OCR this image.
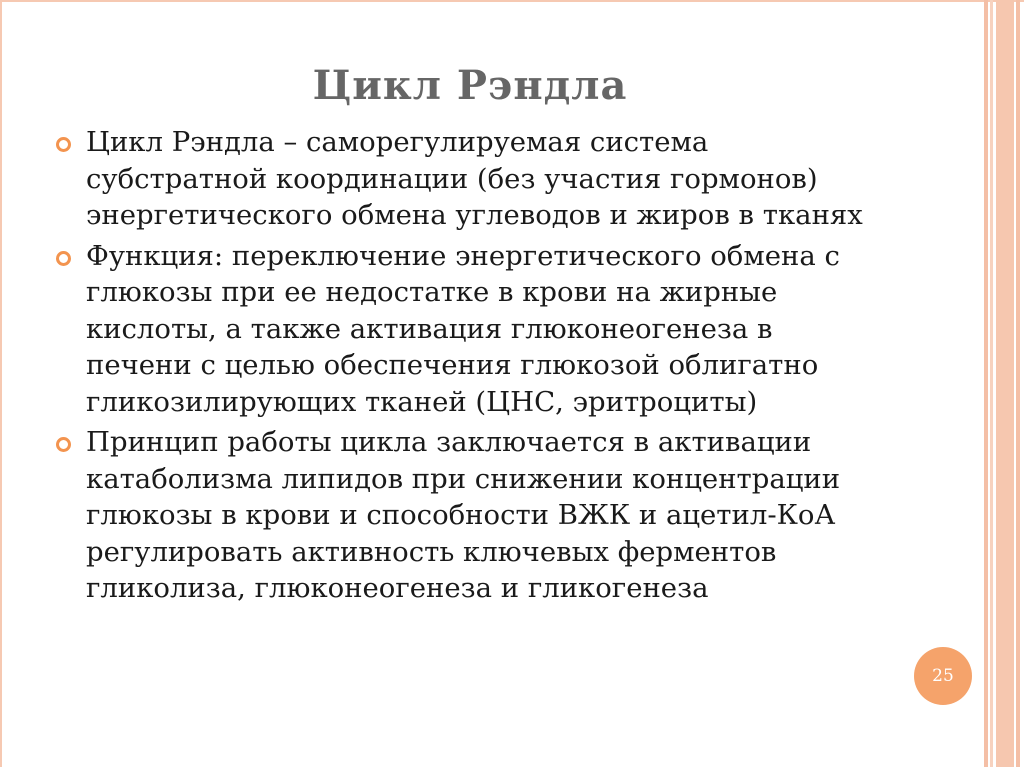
Цикл Рэндла
Цикл Рэндла – саморегулируемая система субстратной координации (без участия гормонов) энергетического обмена углеводов и жиров в тканях
Функция: переключение энергетического обмена с глюкозы при ее недостатке в крови на жирные кислоты, а также активация глюконеогенеза в печени с целью обеспечения глюкозой облигатно гликозилирующих тканей (ЦНС, эритроциты)
Принцип работы цикла заключается в активации катаболизма липидов при снижении концентрации глюкозы в крови и способности ВЖК и ацетил-КоА регулировать активность ключевых ферментов гликолиза, глюконеогенеза и гликогенеза
25
